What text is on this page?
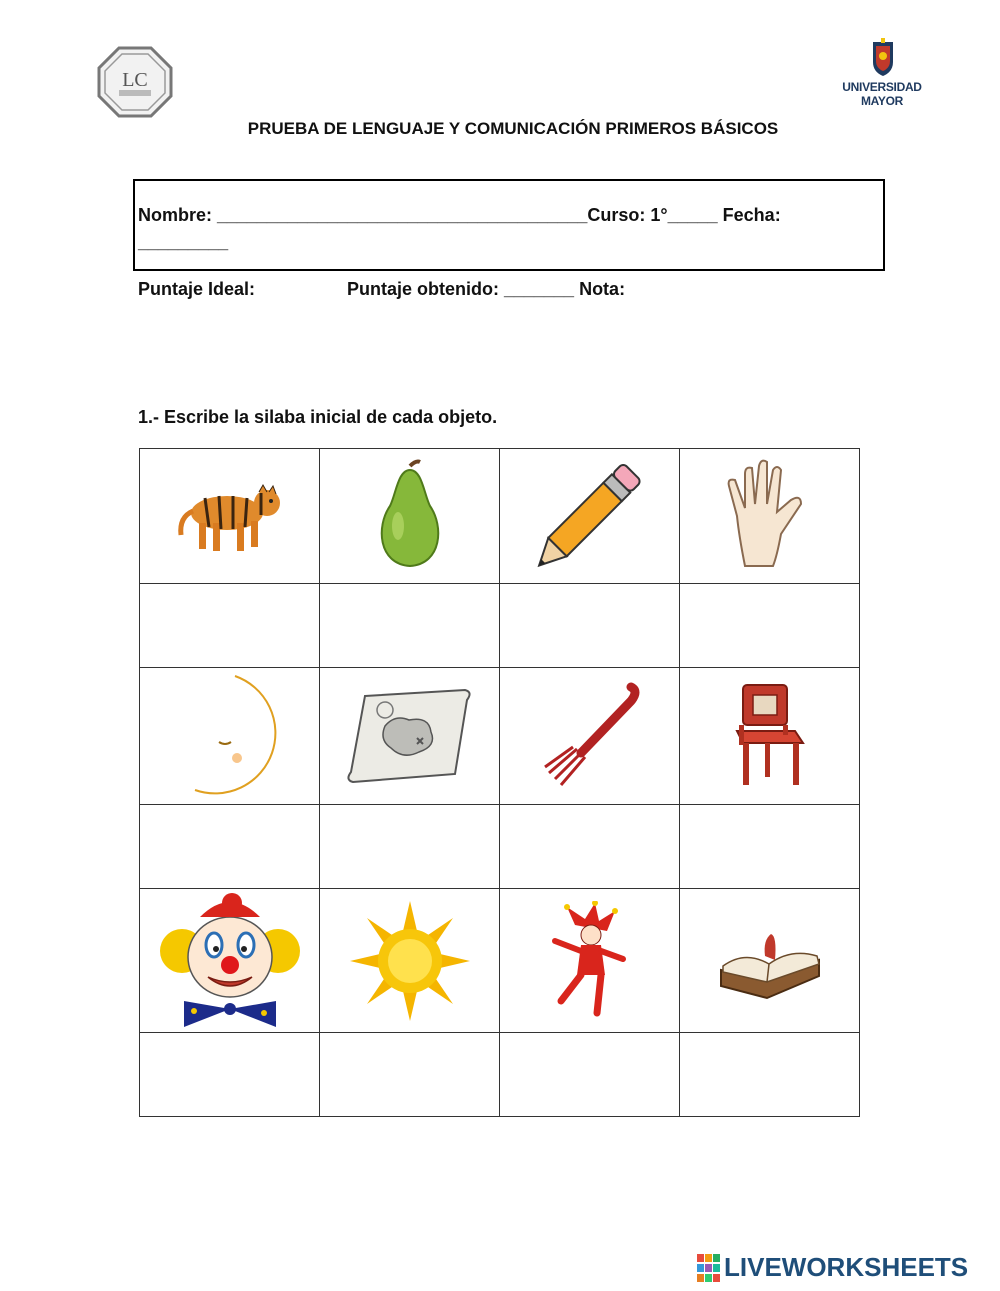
LC	UNIVERSIDAD
MAYOR
PRUEBA DE LENGUAJE Y COMUNICACIÓN PRIMEROS BÁSICOS
Nombre: _____________________________________Curso: 1°_____ Fecha:
_________
Puntaje Ideal:	Puntaje obtenido: _______ Nota:
1.- Escribe la silaba inicial de cada objeto.

LIVEWORKSHEETS
